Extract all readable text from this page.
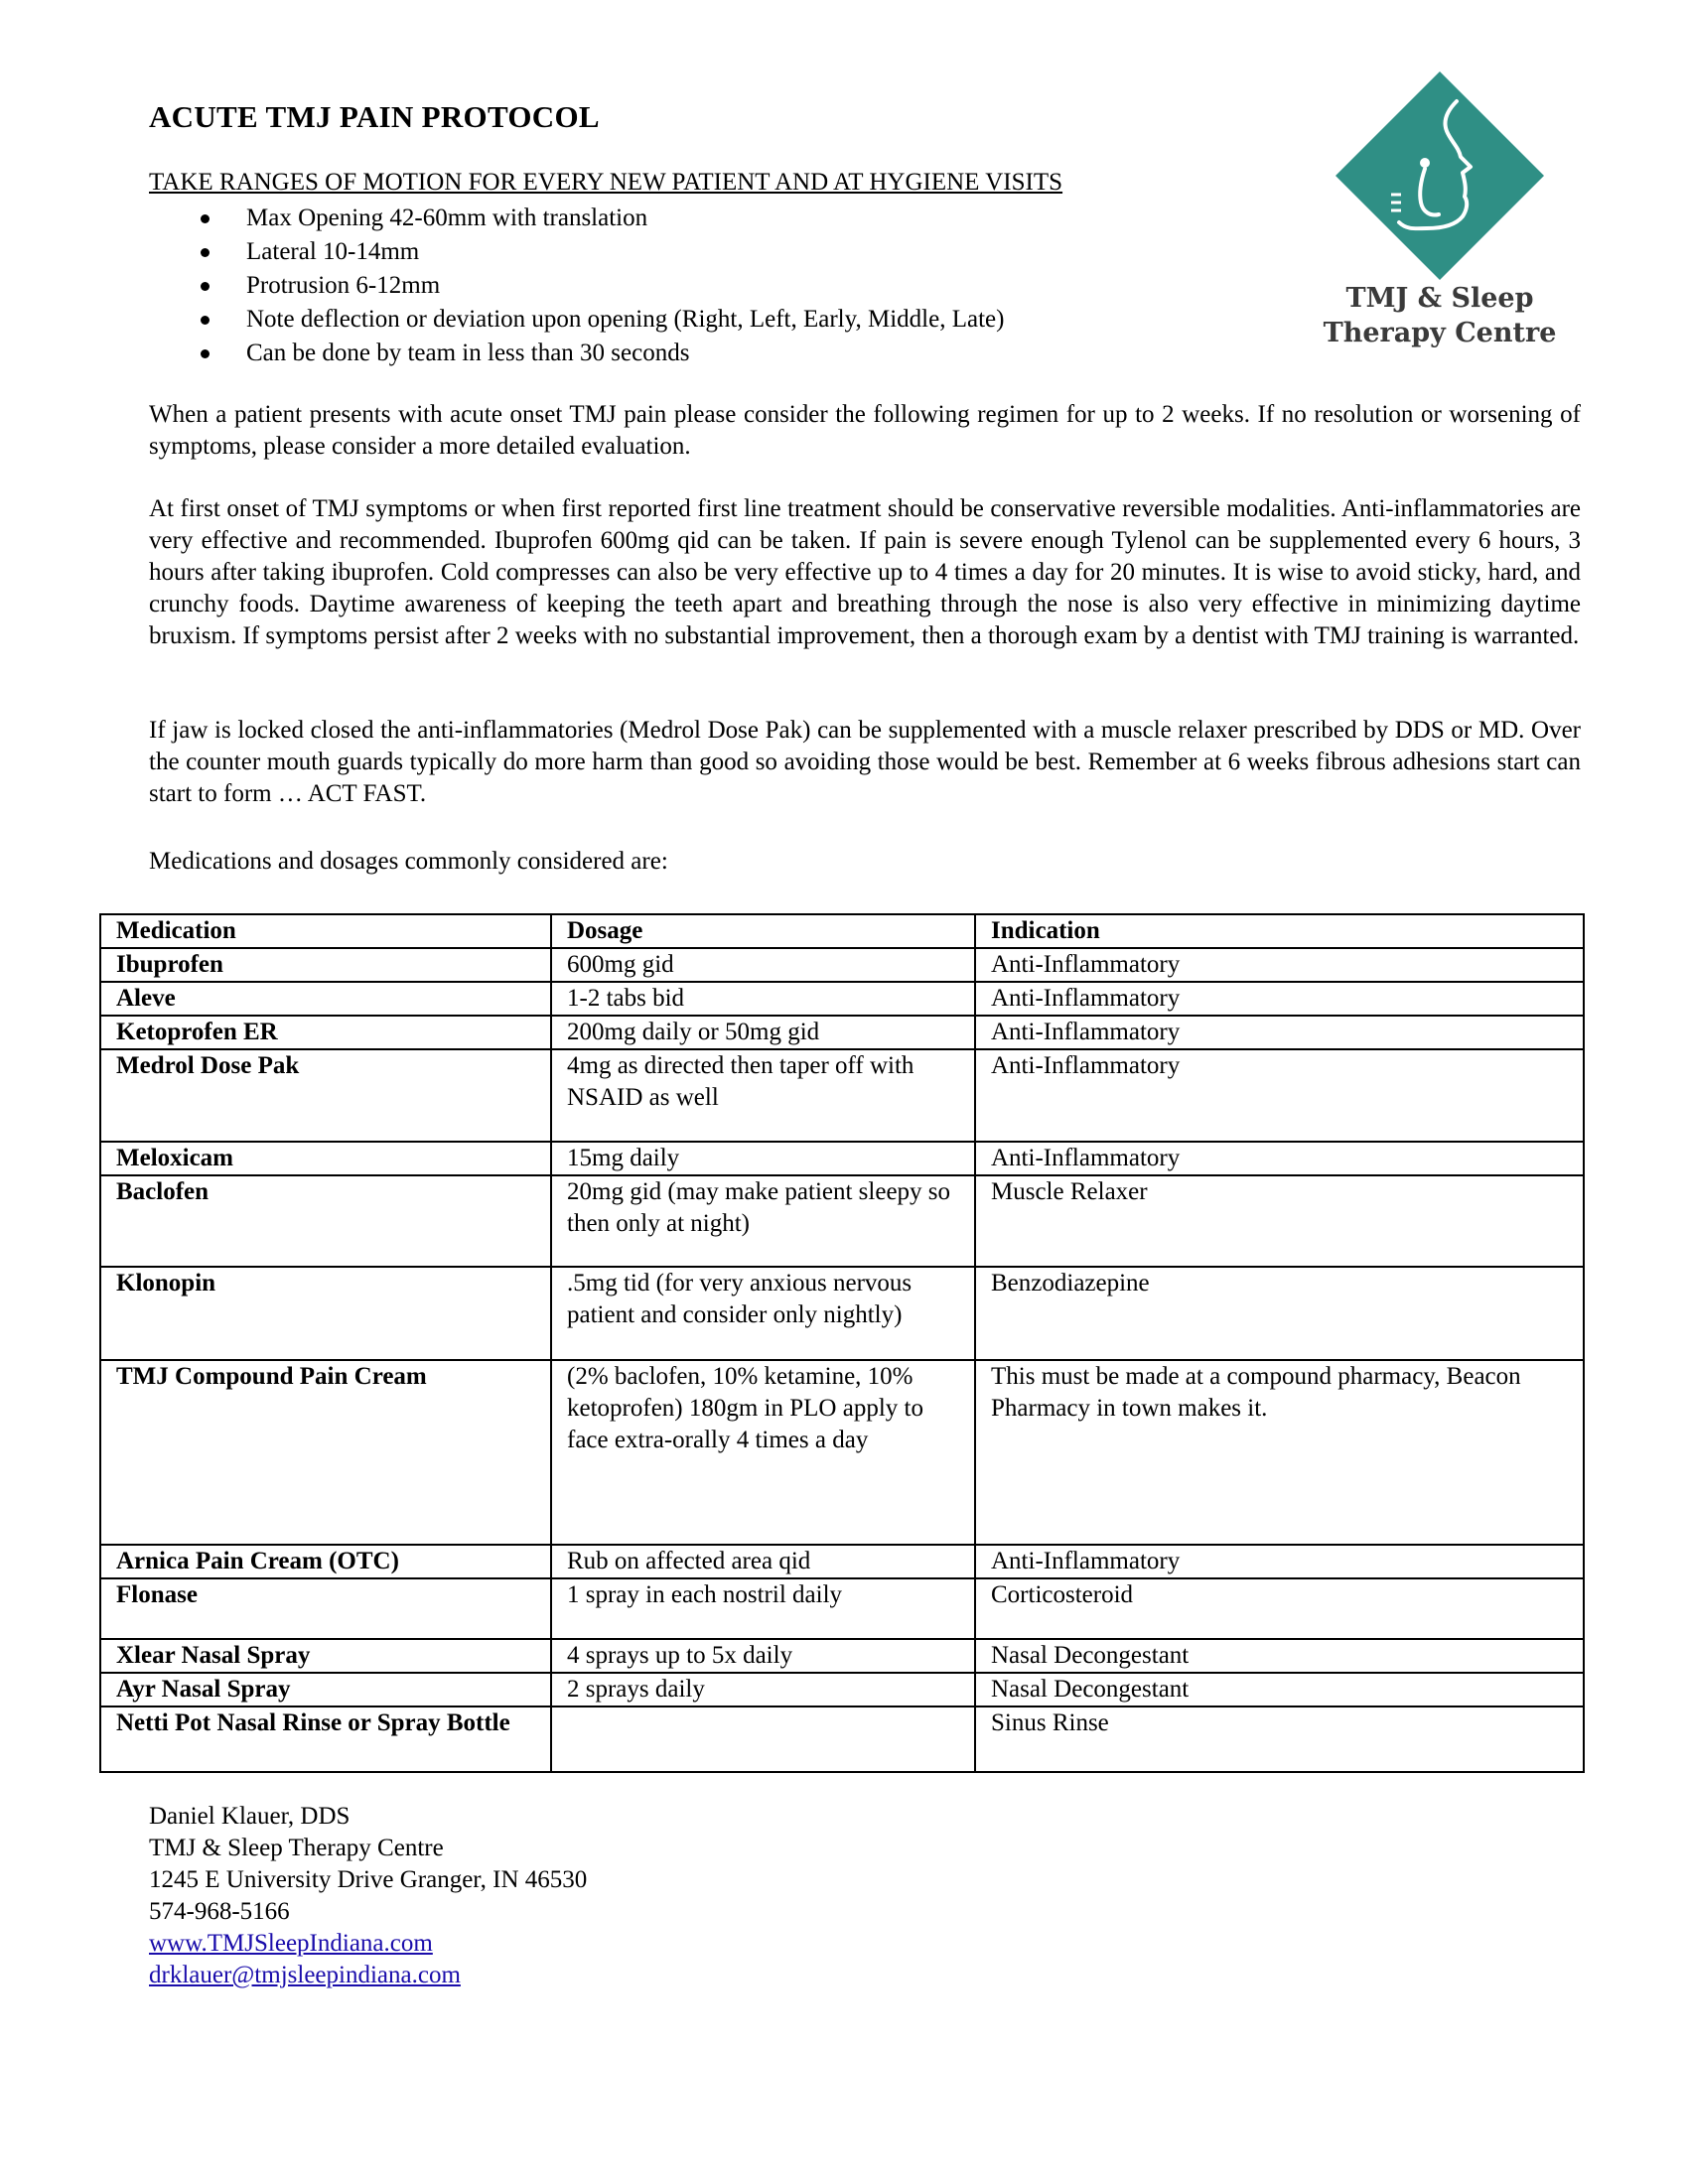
ACUTE TMJ PAIN PROTOCOL
TAKE RANGES OF MOTION FOR EVERY NEW PATIENT AND AT HYGIENE VISITS
Max Opening 42-60mm with translation
Lateral 10-14mm
Protrusion 6-12mm
Note deflection or deviation upon opening (Right, Left, Early, Middle, Late)
Can be done by team in less than 30 seconds
TMJ & Sleep
Therapy Centre

When a patient presents with acute onset TMJ pain please consider the following regimen for up to 2 weeks. If no resolution or worsening of symptoms, please consider a more detailed evaluation.

At first onset of TMJ symptoms or when first reported first line treatment should be conservative reversible modalities. Anti-inflammatories are very effective and recommended. Ibuprofen 600mg qid can be taken. If pain is severe enough Tylenol can be supplemented every 6 hours, 3 hours after taking ibuprofen. Cold compresses can also be very effective up to 4 times a day for 20 minutes. It is wise to avoid sticky, hard, and crunchy foods. Daytime awareness of keeping the teeth apart and breathing through the nose is also very effective in minimizing daytime bruxism. If symptoms persist after 2 weeks with no substantial improvement, then a thorough exam by a dentist with TMJ training is warranted.

If jaw is locked closed the anti-inflammatories (Medrol Dose Pak) can be supplemented with a muscle relaxer prescribed by DDS or MD. Over the counter mouth guards typically do more harm than good so avoiding those would be best. Remember at 6 weeks fibrous adhesions start can start to form … ACT FAST.

Medications and dosages commonly considered are:

Medication	Dosage	Indication
Ibuprofen	600mg gid	Anti-Inflammatory
Aleve	1-2 tabs bid	Anti-Inflammatory
Ketoprofen ER	200mg daily or 50mg gid	Anti-Inflammatory
Medrol Dose Pak	4mg as directed then taper off with NSAID as well	Anti-Inflammatory
Meloxicam	15mg daily	Anti-Inflammatory
Baclofen	20mg gid (may make patient sleepy so then only at night)	Muscle Relaxer
Klonopin	.5mg tid (for very anxious nervous patient and consider only nightly)	Benzodiazepine
TMJ Compound Pain Cream	(2% baclofen, 10% ketamine, 10% ketoprofen) 180gm in PLO apply to face extra-orally 4 times a day	This must be made at a compound pharmacy, Beacon Pharmacy in town makes it.
Arnica Pain Cream (OTC)	Rub on affected area qid	Anti-Inflammatory
Flonase	1 spray in each nostril daily	Corticosteroid
Xlear Nasal Spray	4 sprays up to 5x daily	Nasal Decongestant
Ayr Nasal Spray	2 sprays daily	Nasal Decongestant
Netti Pot Nasal Rinse or Spray Bottle		Sinus Rinse
Daniel Klauer, DDS
TMJ & Sleep Therapy Centre
1245 E University Drive Granger, IN 46530
574-968-5166
www.TMJSleepIndiana.com
drklauer@tmjsleepindiana.com
